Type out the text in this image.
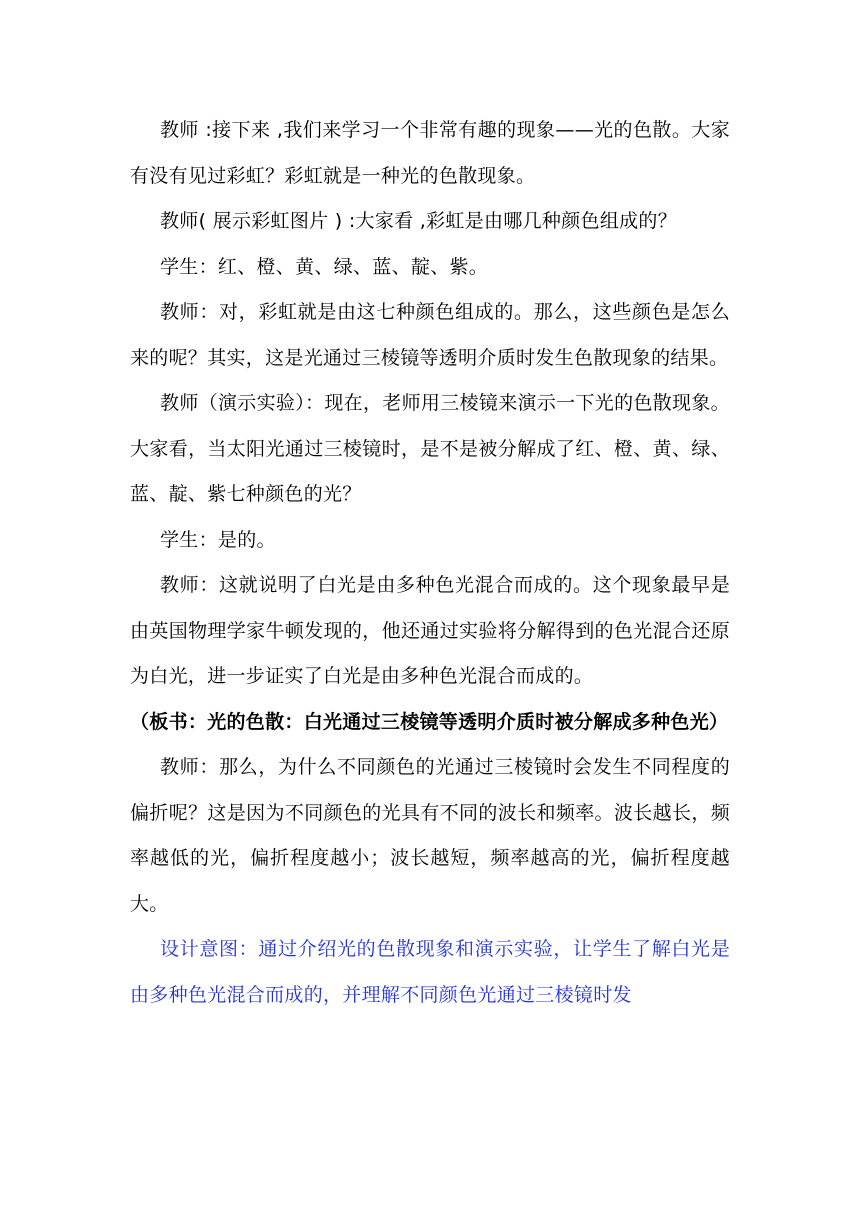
教师 :接下来 ,我们来学习一个非常有趣的现象——光的色散。大家有没有见过彩虹？彩虹就是一种光的色散现象。

教师( 展示彩虹图片 ) :大家看 ,彩虹是由哪几种颜色组成的？

学生：红、橙、黄、绿、蓝、靛、紫。

教师：对，彩虹就是由这七种颜色组成的。那么，这些颜色是怎么来的呢？其实，这是光通过三棱镜等透明介质时发生色散现象的结果。

教师（演示实验）：现在，老师用三棱镜来演示一下光的色散现象。大家看，当太阳光通过三棱镜时，是不是被分解成了红、橙、黄、绿、蓝、靛、紫七种颜色的光？

学生：是的。

教师：这就说明了白光是由多种色光混合而成的。这个现象最早是由英国物理学家牛顿发现的，他还通过实验将分解得到的色光混合还原为白光，进一步证实了白光是由多种色光混合而成的。

（板书：光的色散：白光通过三棱镜等透明介质时被分解成多种色光）

教师：那么，为什么不同颜色的光通过三棱镜时会发生不同程度的偏折呢？这是因为不同颜色的光具有不同的波长和频率。波长越长，频率越低的光，偏折程度越小；波长越短，频率越高的光，偏折程度越大。

设计意图：通过介绍光的色散现象和演示实验，让学生了解白光是由多种色光混合而成的，并理解不同颜色光通过三棱镜时发
